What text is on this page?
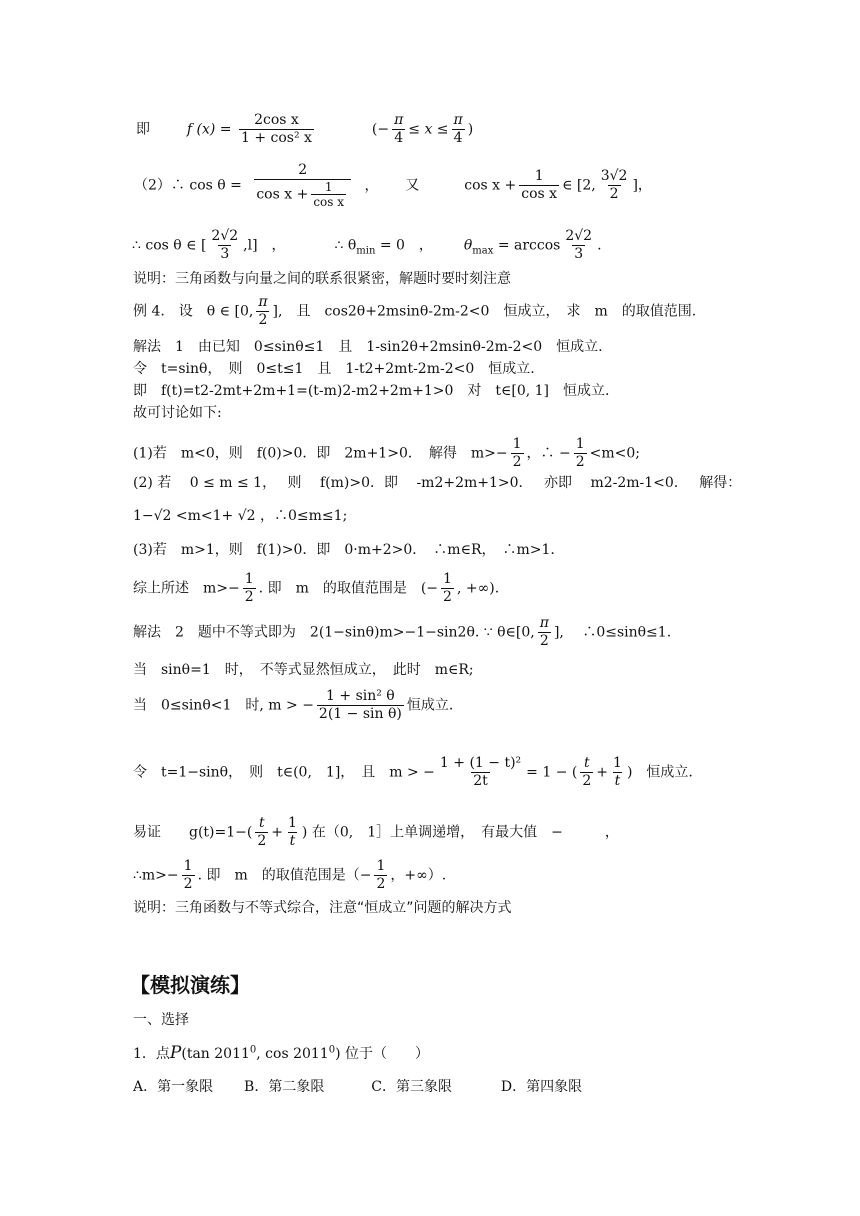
即	f $(x) = \frac{\text{2cos x}}{\text{1 + cos² x}}$	(− $\frac{\pi}{4} \le x \le \frac{\pi}{4}$ )
（2）∴ $\cos \theta = \frac{2}{\cos x + \frac{1}{\text{cos x}}}$ ， 又	$\cos x + \frac{1}{\text{cos x}}$ ∈ [2, $\frac{3√2}{2}$ ]，
∴ cos θ ∈ [ $\frac{2√2}{3} ,l$]　，	∴ $\theta_{min} = 0$　， $\theta_{max} = \arccos \frac{2√2}{3}$ .
说明：三角函数与向量之间的联系很紧密，解题时要时刻注意
例 4.　设　θ ∈ [0, $\frac{\pi}{2}$ ],　且　cos2θ+2msinθ-2m-2<0　恒成立，　求　m　的取值范围.
解法　1　由已知　0≤sinθ≤1　且　1-sin2θ+2msinθ-2m-2<0　恒成立.
令　t=sinθ，　则　0≤t≤1　且　1-t2+2mt-2m-2<0　恒成立.
即　f(t)=t2-2mt+2m+1=(t-m)2-m2+2m+1>0　对　t∈[0, 1]　恒成立.
故可讨论如下:
(1)若　m<0，则　f(0)>0．即　2m+1>0．　解得　$m>- \frac{1}{2}$ ，∴ − $\frac{1}{2} <m<0$;
(2) 若　 0 ≤ m ≤ 1，　 则　 f(m)>0．即　 -m2+2m+1>0．　 亦即　 m2-2m-1<0．　 解得：
1−√2 <m<1+ √2 ，∴0≤m≤1;
(3)若　m>1，则　f(1)>0．即　0·m+2>0．　∴m∈R，　∴m>1.
综上所述　$m>- \frac{1}{2}$ . 即　m　的取值范围是　(− $\frac{1}{2}$ , +∞).
解法　2　题中不等式即为　2(1−sinθ)m>−1−sin2θ. ∵ θ∈[0, $\frac{\pi}{2}$ ],　 ∴0≤sinθ≤1.
当　sinθ=1　时，　不等式显然恒成立，　此时　m∈R;
当　0≤sinθ<1　时, m > − $\frac{\text{1 + sin² θ}}{\text{2(1 − sin θ)}}$ 恒成立.
令　t=1−sinθ，　则　t∈(0,　1]，　且　m > − $\frac{\text{1 + (1 − t)²}}{2t} = 1$ − ( $\frac{t}{2} + \frac{1}{t}$ )　恒成立.
易证　　$g(t)=1-( \frac{t}{2} + \frac{1}{t}$ ) 在（0,　1］上单调递增，　有最大值　−　　　，
∴m>− $\frac{1}{2}$ . 即　m　的取值范围是（− $\frac{1}{2}$ ，+∞）.
说明：三角函数与不等式综合，注意“恒成立”问题的解决方式
【模拟演练】
一、选择
1．点P(tan 2011$^0$, cos 2011$^0$) 位于（　　）
A．第一象限 B．第二象限	C．第三象限	D．第四象限
